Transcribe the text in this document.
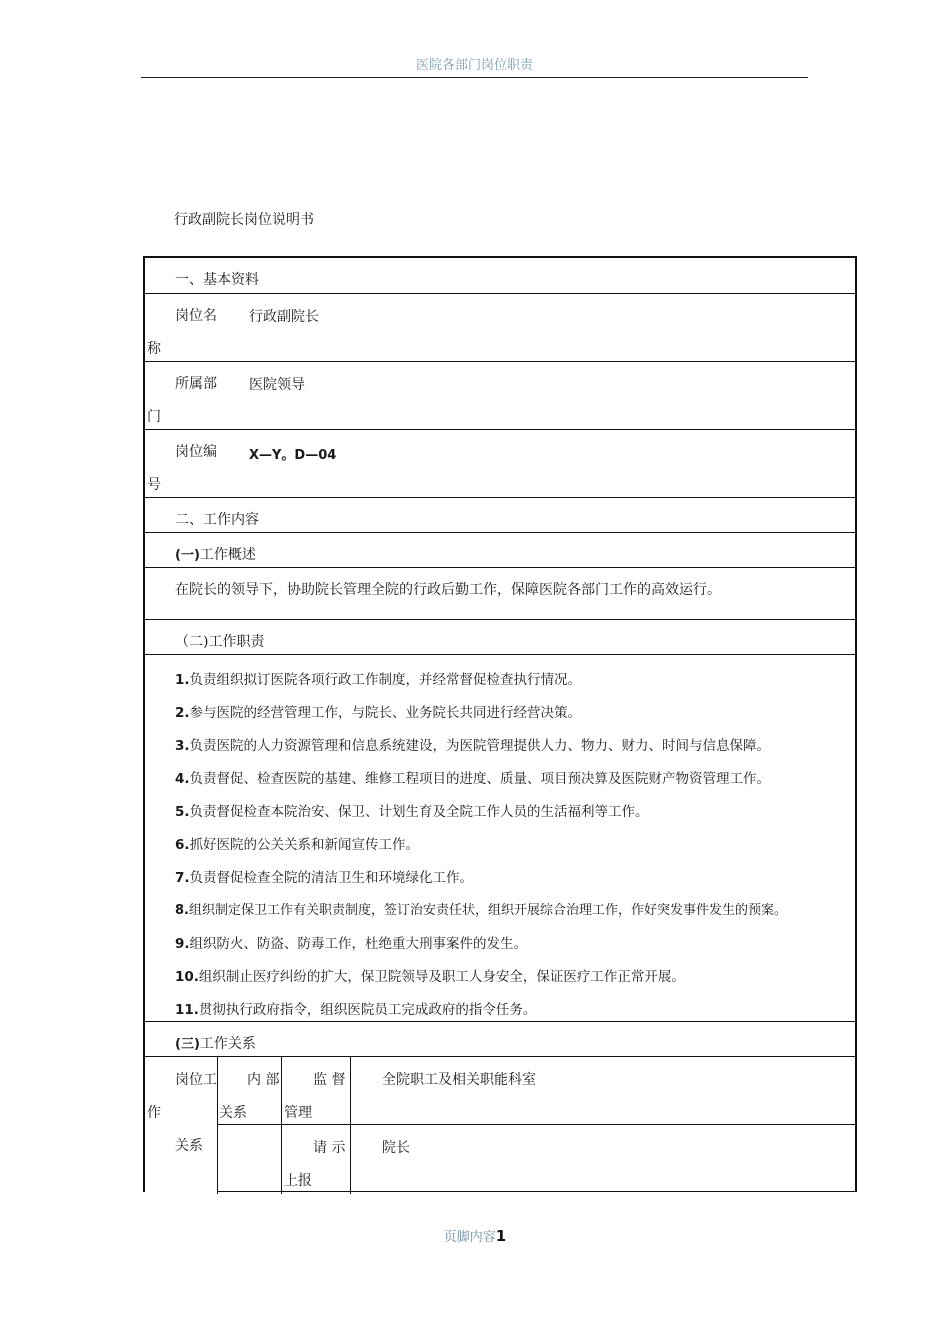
医院各部门岗位职责
行政副院长岗位说明书
一、基本资料
岗位名
称
行政副院长
所属部
门
医院领导
岗位编
号
X—Y。D—04
二、工作内容
(一)工作概述
在院长的领导下，协助院长管理全院的行政后勤工作，保障医院各部门工作的高效运行。
（二)工作职责
1.负责组织拟订医院各项行政工作制度，并经常督促检查执行情况。
2.参与医院的经营管理工作，与院长、业务院长共同进行经营决策。
3.负责医院的人力资源管理和信息系统建设，为医院管理提供人力、物力、财力、时间与信息保障。
4.负责督促、检查医院的基建、维修工程项目的进度、质量、项目预决算及医院财产物资管理工作。
5.负责督促检查本院治安、保卫、计划生育及全院工作人员的生活福利等工作。
6.抓好医院的公关关系和新闻宣传工作。
7.负责督促检查全院的清洁卫生和环境绿化工作。
8.组织制定保卫工作有关职责制度，签订治安责任状，组织开展综合治理工作，作好突发事件发生的预案。
9.组织防火、防盗、防毒工作，杜绝重大刑事案件的发生。
10.组织制止医疗纠纷的扩大，保卫院领导及职工人身安全，保证医疗工作正常开展。
11.贯彻执行政府指令，组织医院员工完成政府的指令任务。
(三)工作关系
岗位工
作
关系
内 部
关系
监 督
管理
全院职工及相关职能科室
请 示
上报
院长
页脚内容1
